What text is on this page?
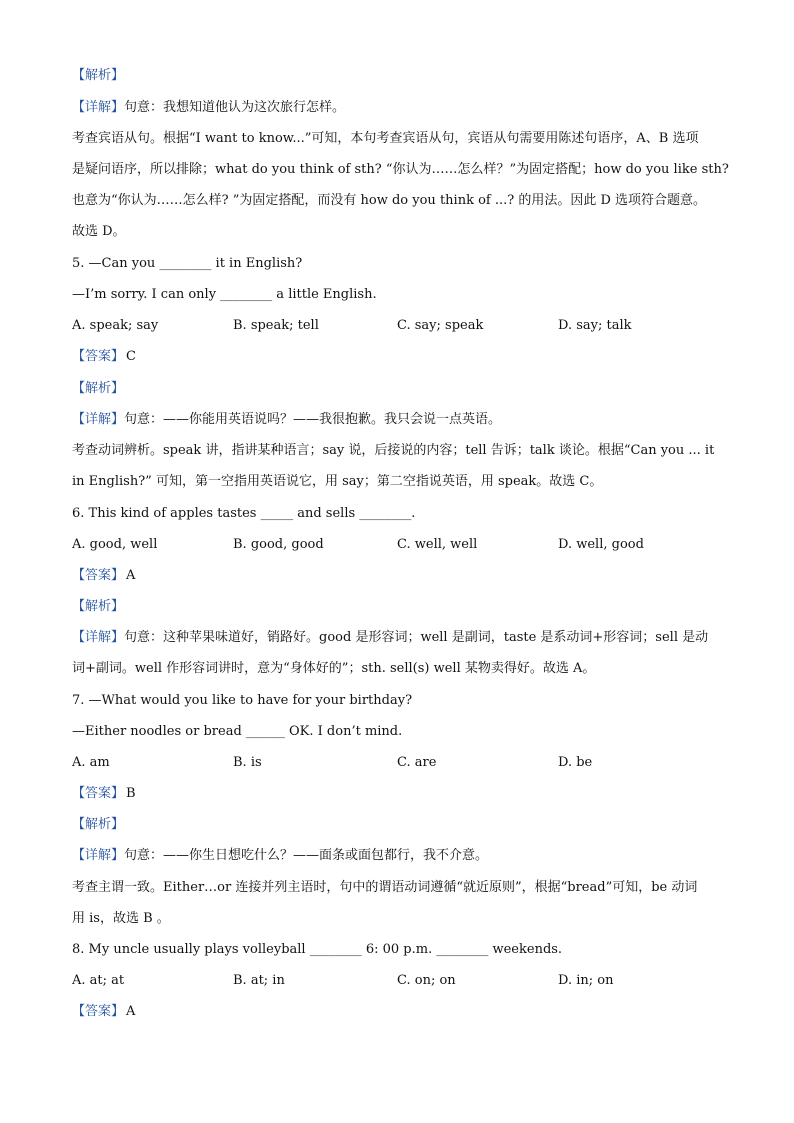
【解析】
【详解】句意：我想知道他认为这次旅行怎样。
考查宾语从句。根据“I want to know...”可知，本句考查宾语从句，宾语从句需要用陈述句语序，A、B 选项
是疑问语序，所以排除；what do you think of sth? “你认为……怎么样？”为固定搭配；how do you like sth?
也意为“你认为……怎么样? ”为固定搭配，而没有 how do you think of ...? 的用法。因此 D 选项符合题意。
故选 D。
5. —Can you ________ it in English?
—I’m sorry. I can only ________ a little English.
A. speak; say	B. speak; tell	C. say; speak	D. say; talk
【答案】 C
【解析】
【详解】句意：——你能用英语说吗？——我很抱歉。我只会说一点英语。
考查动词辨析。speak 讲，指讲某种语言；say 说，后接说的内容；tell 告诉；talk 谈论。根据“Can you ... it
in English?” 可知，第一空指用英语说它，用 say；第二空指说英语，用 speak。故选 C。
6. This kind of apples tastes _____ and sells ________.
A. good, well	B. good, good	C. well, well	D. well, good
【答案】 A
【解析】
【详解】句意：这种苹果味道好，销路好。good 是形容词；well 是副词，taste 是系动词+形容词；sell 是动
词+副词。well 作形容词讲时，意为“身体好的”；sth. sell(s) well 某物卖得好。故选 A。
7. —What would you like to have for your birthday?
—Either noodles or bread ______ OK. I don’t mind.
A. am	B. is	C. are	D. be
【答案】 B
【解析】
【详解】句意：——你生日想吃什么？——面条或面包都行，我不介意。
考查主谓一致。Either…or 连接并列主语时，句中的谓语动词遵循“就近原则”，根据“bread”可知，be 动词
用 is，故选 B 。
8. My uncle usually plays volleyball ________ 6: 00 p.m. ________ weekends.
A. at; at	B. at; in	C. on; on	D. in; on
【答案】 A
